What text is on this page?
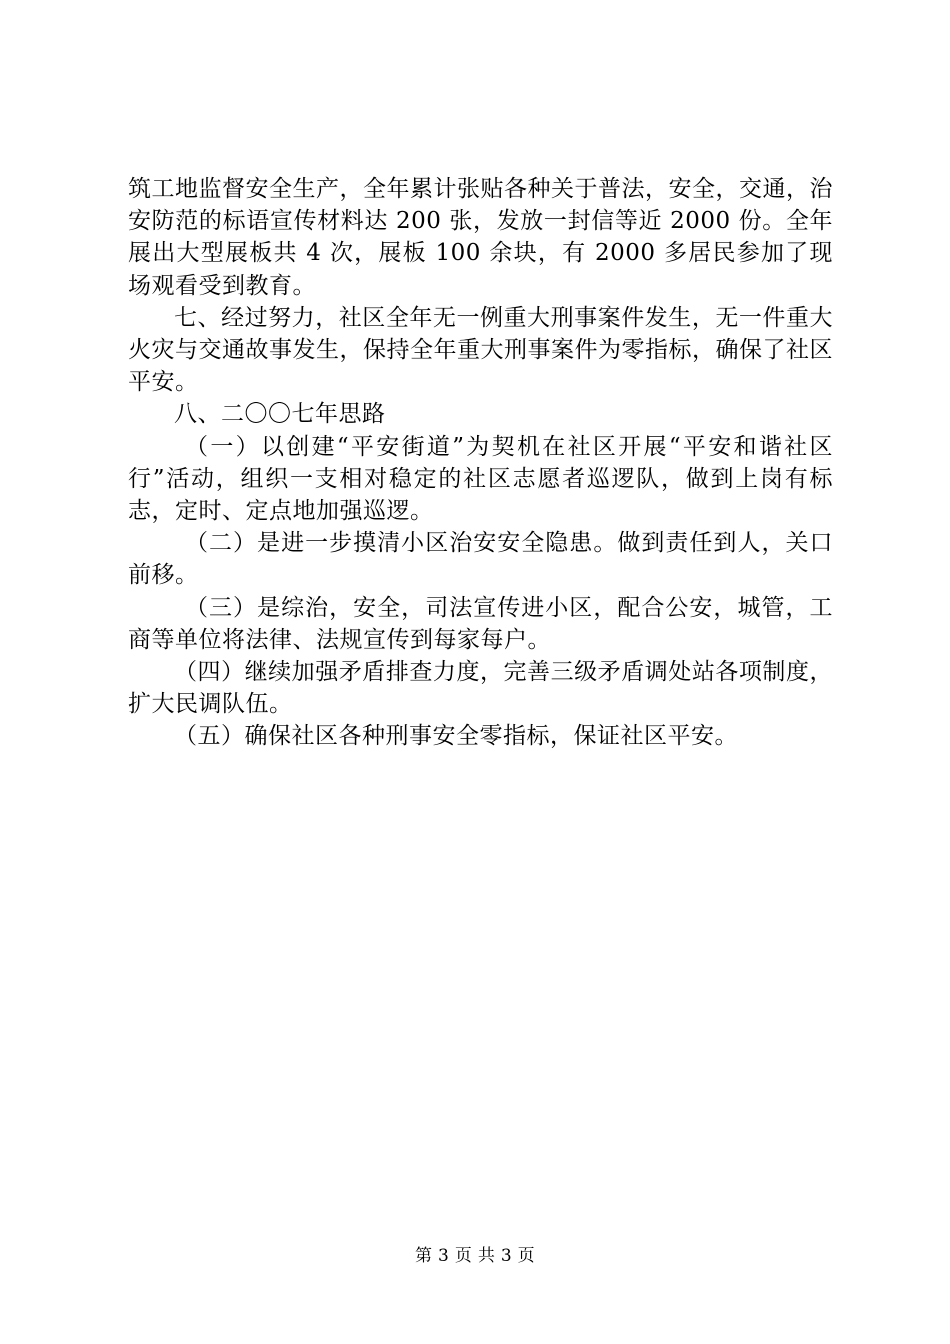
筑工地监督安全生产，全年累计张贴各种关于普法，安全，交通，治安防范的标语宣传材料达 200 张，发放一封信等近 2000 份。全年展出大型展板共 4 次，展板 100 余块，有 2000 多居民参加了现场观看受到教育。

七、经过努力，社区全年无一例重大刑事案件发生，无一件重大火灾与交通故事发生，保持全年重大刑事案件为零指标，确保了社区平安。

八、二〇〇七年思路

（一）以创建“平安街道”为契机在社区开展“平安和谐社区行”活动，组织一支相对稳定的社区志愿者巡逻队，做到上岗有标志，定时、定点地加强巡逻。

（二）是进一步摸清小区治安安全隐患。做到责任到人，关口前移。

（三）是综治，安全，司法宣传进小区，配合公安，城管，工商等单位将法律、法规宣传到每家每户。

（四）继续加强矛盾排查力度，完善三级矛盾调处站各项制度，扩大民调队伍。

（五）确保社区各种刑事安全零指标，保证社区平安。

第 3 页 共 3 页
